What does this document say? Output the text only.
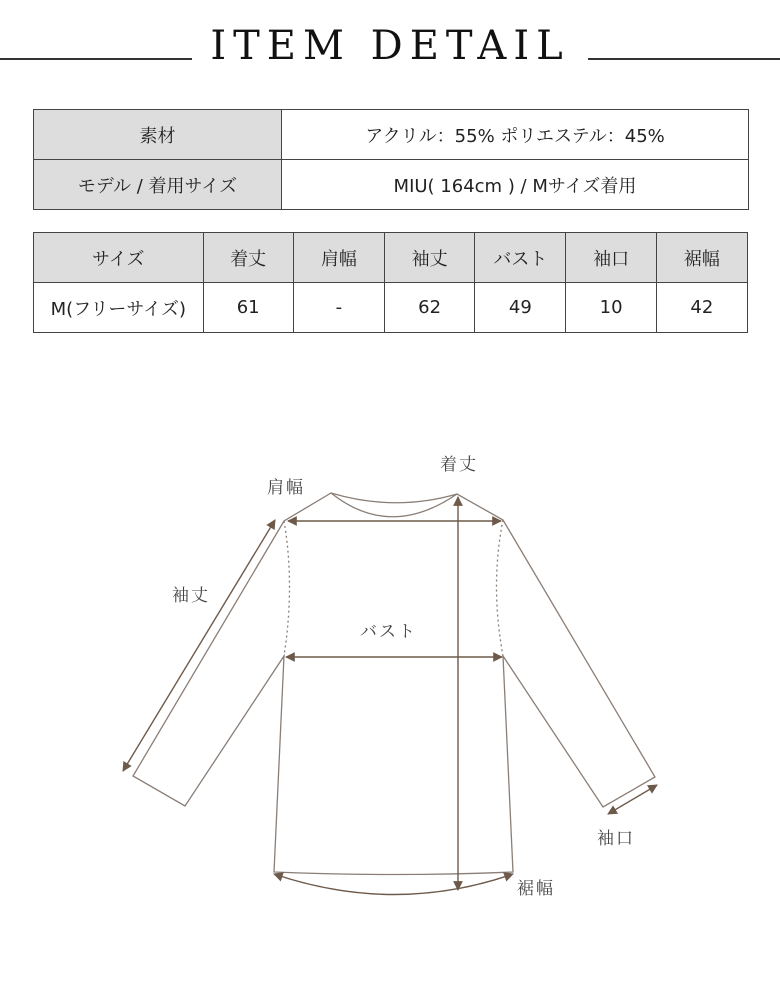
ITEM DETAIL
素材	アクリル：55% ポリエステル：45%
モデル / 着用サイズ	MIU( 164cm ) / Mサイズ着用
サイズ	着丈	肩幅	袖丈	バスト	袖口	裾幅
M(フリーサイズ)	61	-	62	49	10	42
着丈
肩幅
袖丈
バスト
袖口
裾幅
